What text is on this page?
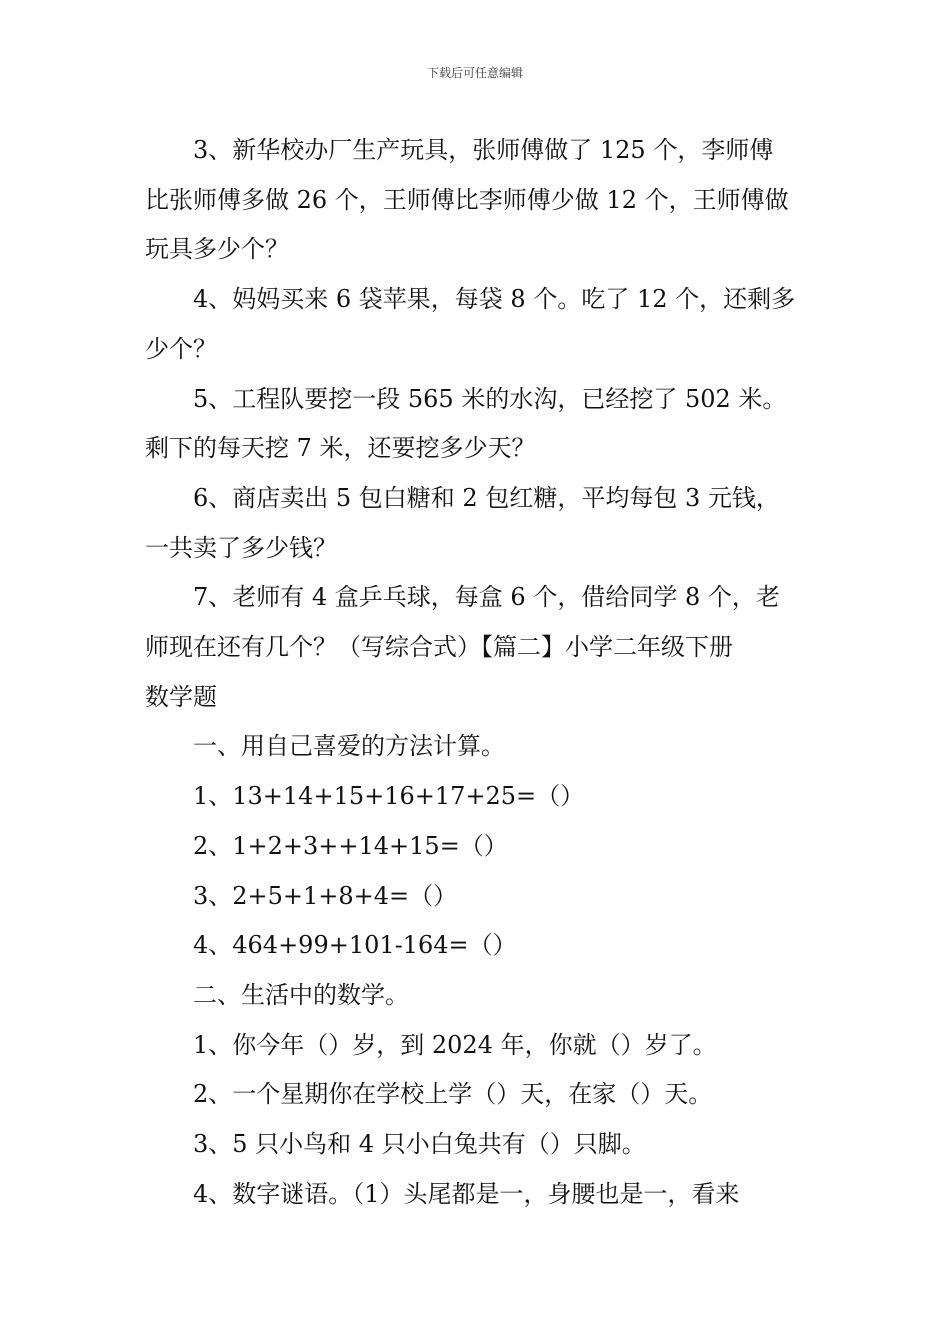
下载后可任意编辑
3、新华校办厂生产玩具，张师傅做了 125 个，李师傅
比张师傅多做 26 个，王师傅比李师傅少做 12 个，王师傅做
玩具多少个？
4、妈妈买来 6 袋苹果，每袋 8 个。吃了 12 个，还剩多
少个？
5、工程队要挖一段 565 米的水沟，已经挖了 502 米。
剩下的每天挖 7 米，还要挖多少天？
6、商店卖出 5 包白糖和 2 包红糖，平均每包 3 元钱，
一共卖了多少钱？
7、老师有 4 盒乒乓球，每盒 6 个，借给同学 8 个，老
师现在还有几个？（写综合式）【篇二】小学二年级下册
数学题
一、用自己喜爱的方法计算。
1、13+14+15+16+17+25=（）
2、1+2+3++14+15=（）
3、2+5+1+8+4=（）
4、464+99+101-164=（）
二、生活中的数学。
1、你今年（）岁，到 2024 年，你就（）岁了。
2、一个星期你在学校上学（）天，在家（）天。
3、5 只小鸟和 4 只小白兔共有（）只脚。
4、数字谜语。（1）头尾都是一，身腰也是一，看来
